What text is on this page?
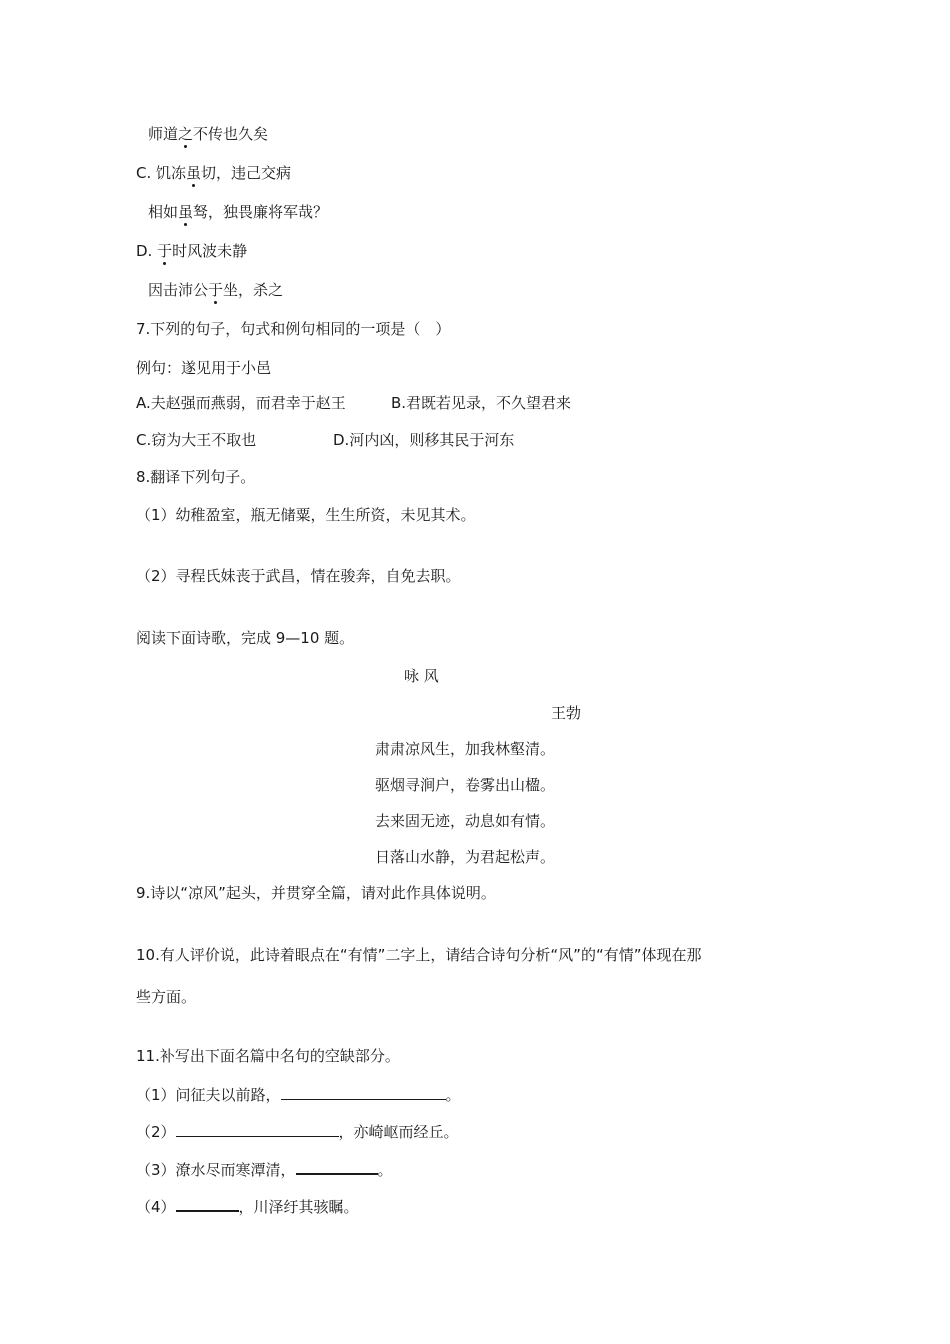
师道之不传也久矣
C. 饥冻虽切，违己交病
相如虽驽，独畏廉将军哉？
D. 于时风波未静
因击沛公于坐，杀之
7.下列的句子，句式和例句相同的一项是（　）
例句：遂见用于小邑
A.夫赵强而燕弱，而君幸于赵王	B.君既若见录，不久望君来
C.窃为大王不取也	D.河内凶，则移其民于河东
8.翻译下列句子。
（1）幼稚盈室，瓶无储粟，生生所资，未见其术。
（2）寻程氏妹丧于武昌，情在骏奔，自免去职。
阅读下面诗歌，完成 9—10 题。
咏 风
王勃
肃肃凉风生，加我林壑清。
驱烟寻涧户，卷雾出山楹。
去来固无迹，动息如有情。
日落山水静，为君起松声。
9.诗以“凉风”起头，并贯穿全篇，请对此作具体说明。
10.有人评价说，此诗着眼点在“有情”二字上，请结合诗句分析“风”的“有情”体现在那
些方面。
11.补写出下面名篇中名句的空缺部分。
（1）问征夫以前路，	。
（2）	，亦崎岖而经丘。
（3）潦水尽而寒潭清，	。
（4）	，川泽纡其骇瞩。
